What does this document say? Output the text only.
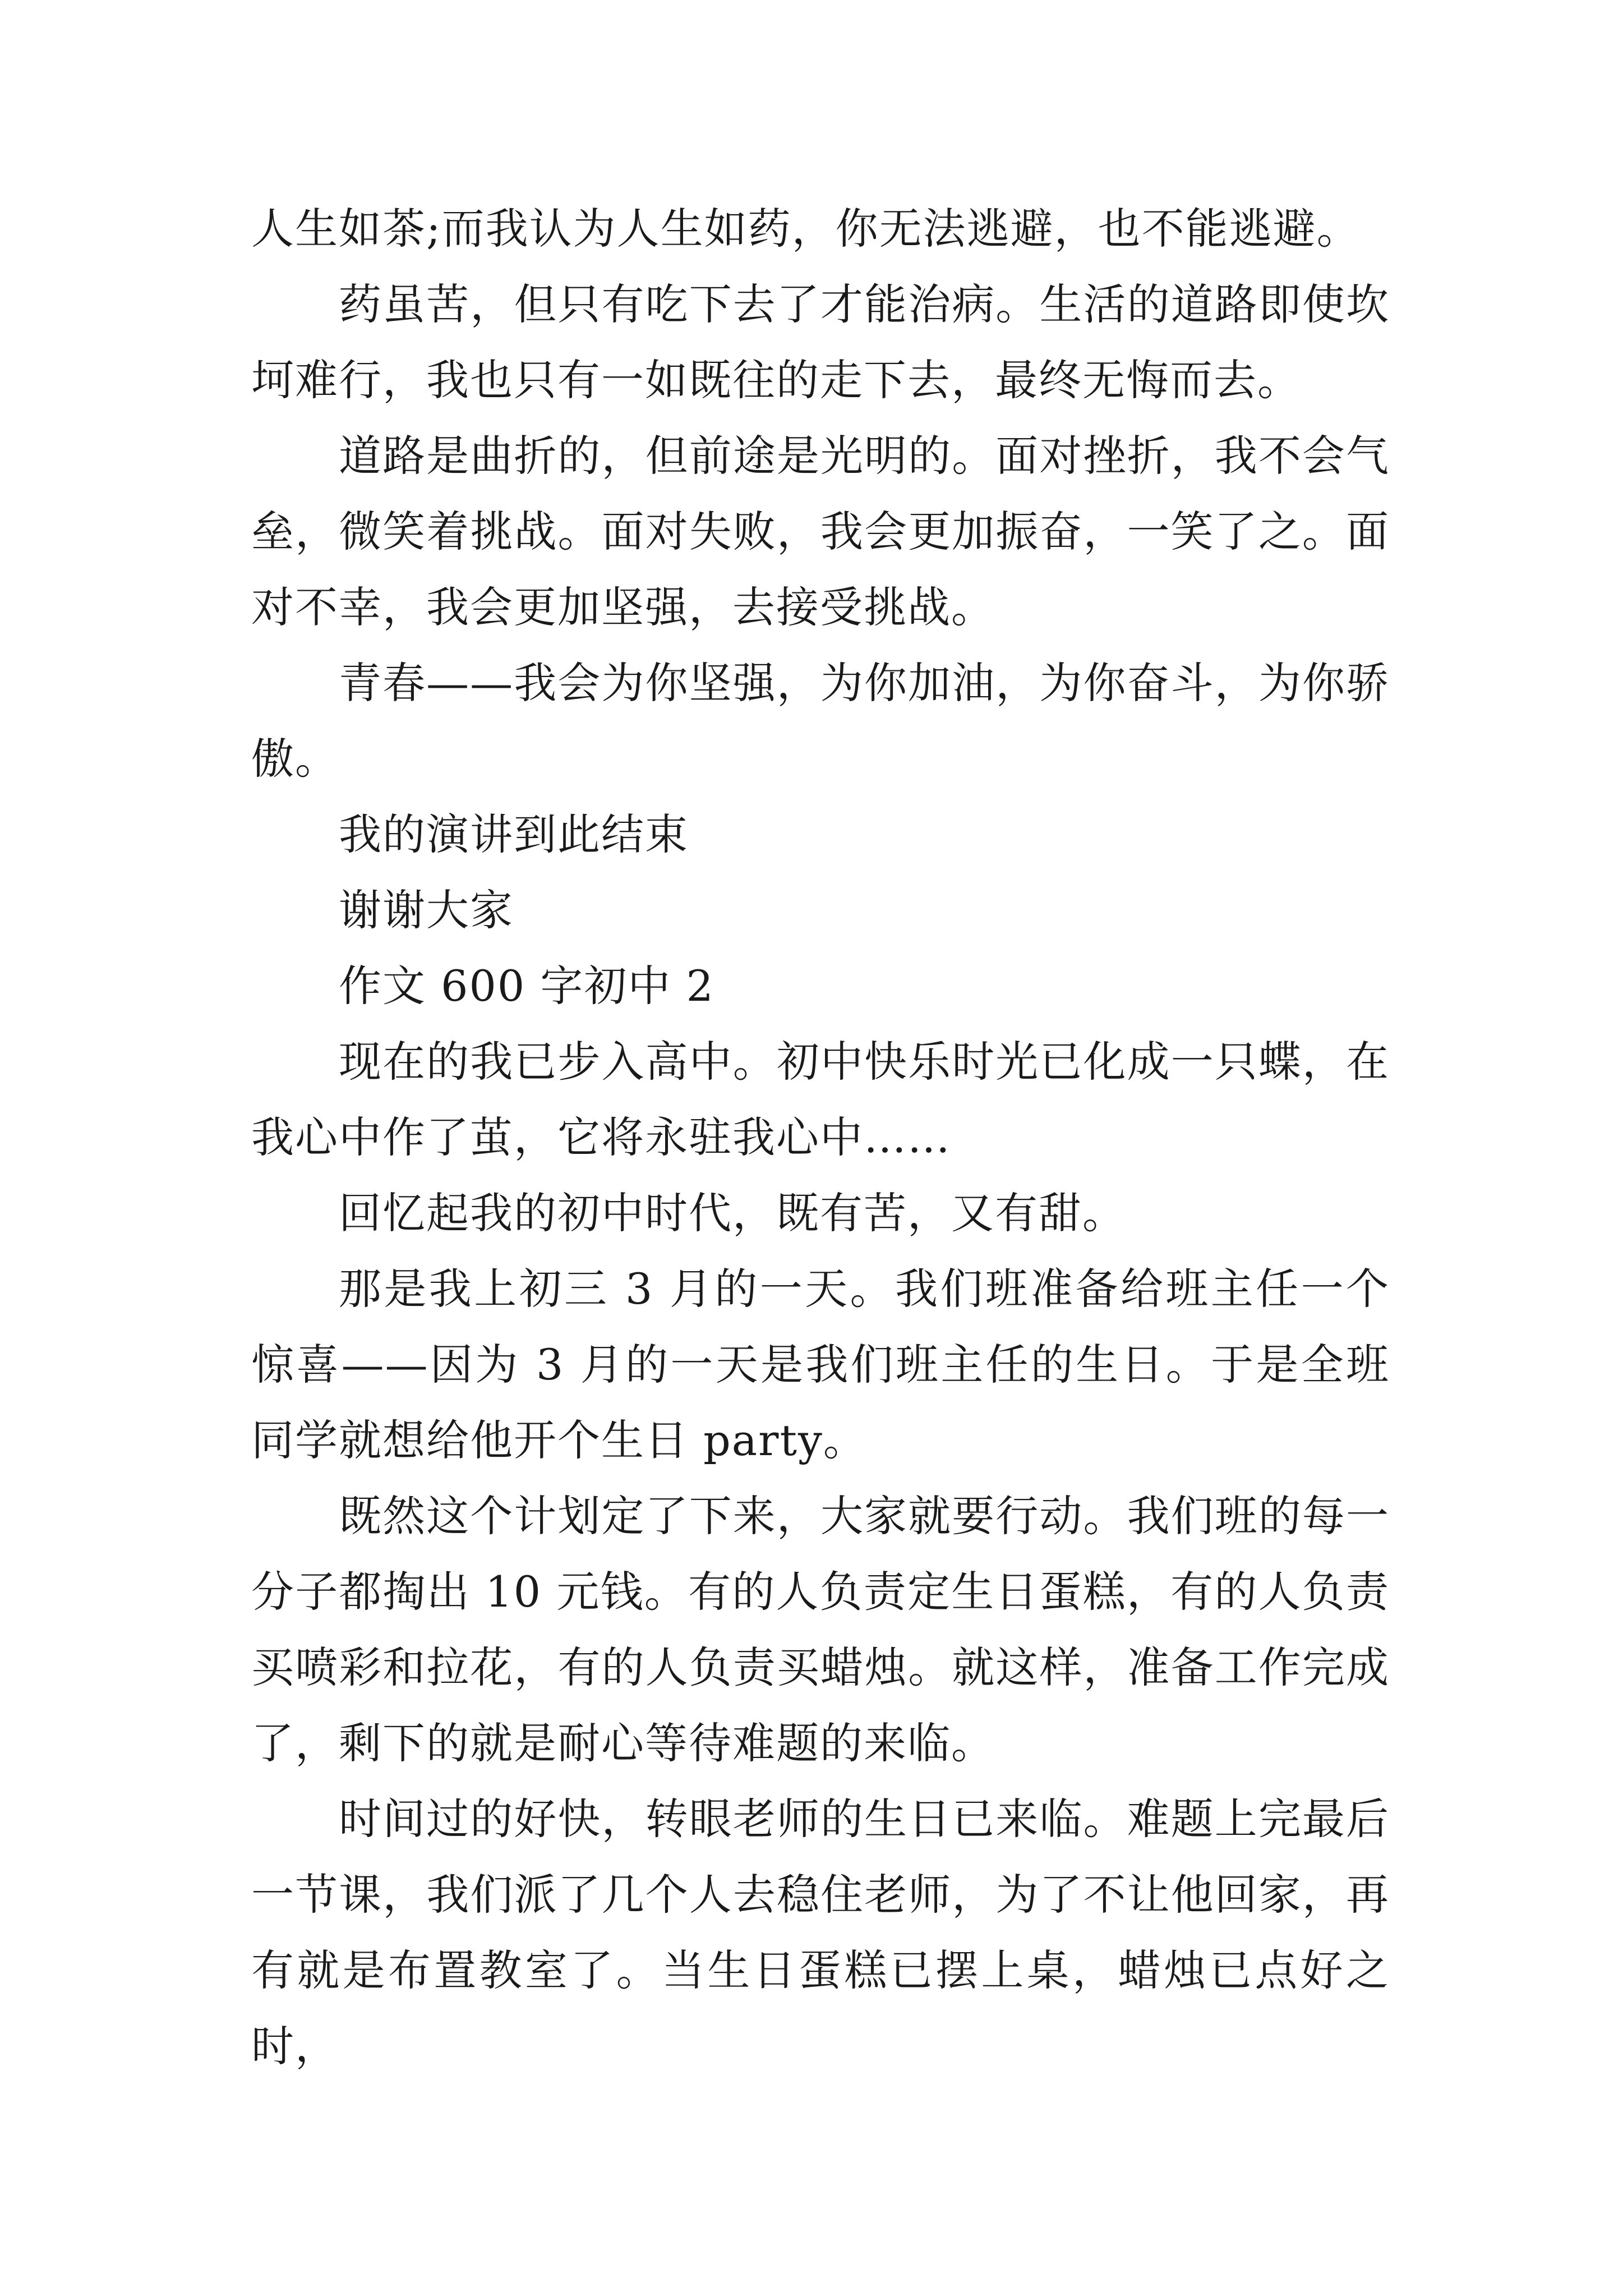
人生如茶;而我认为人生如药，你无法逃避，也不能逃避。

药虽苦，但只有吃下去了才能治病。生活的道路即使坎坷难行，我也只有一如既往的走下去，最终无悔而去。

道路是曲折的，但前途是光明的。面对挫折，我不会气垒，微笑着挑战。面对失败，我会更加振奋，一笑了之。面对不幸，我会更加坚强，去接受挑战。

青春——我会为你坚强，为你加油，为你奋斗，为你骄傲。

我的演讲到此结束

谢谢大家

作文 600 字初中 2

现在的我已步入高中。初中快乐时光已化成一只蝶，在我心中作了茧，它将永驻我心中……

回忆起我的初中时代，既有苦，又有甜。

那是我上初三 3 月的一天。我们班准备给班主任一个惊喜——因为 3 月的一天是我们班主任的生日。于是全班同学就想给他开个生日 party。

既然这个计划定了下来，大家就要行动。我们班的每一分子都掏出 10 元钱。有的人负责定生日蛋糕，有的人负责买喷彩和拉花，有的人负责买蜡烛。就这样，准备工作完成了，剩下的就是耐心等待难题的来临。

时间过的好快，转眼老师的生日已来临。难题上完最后一节课，我们派了几个人去稳住老师，为了不让他回家，再有就是布置教室了。当生日蛋糕已摆上桌，蜡烛已点好之时，
